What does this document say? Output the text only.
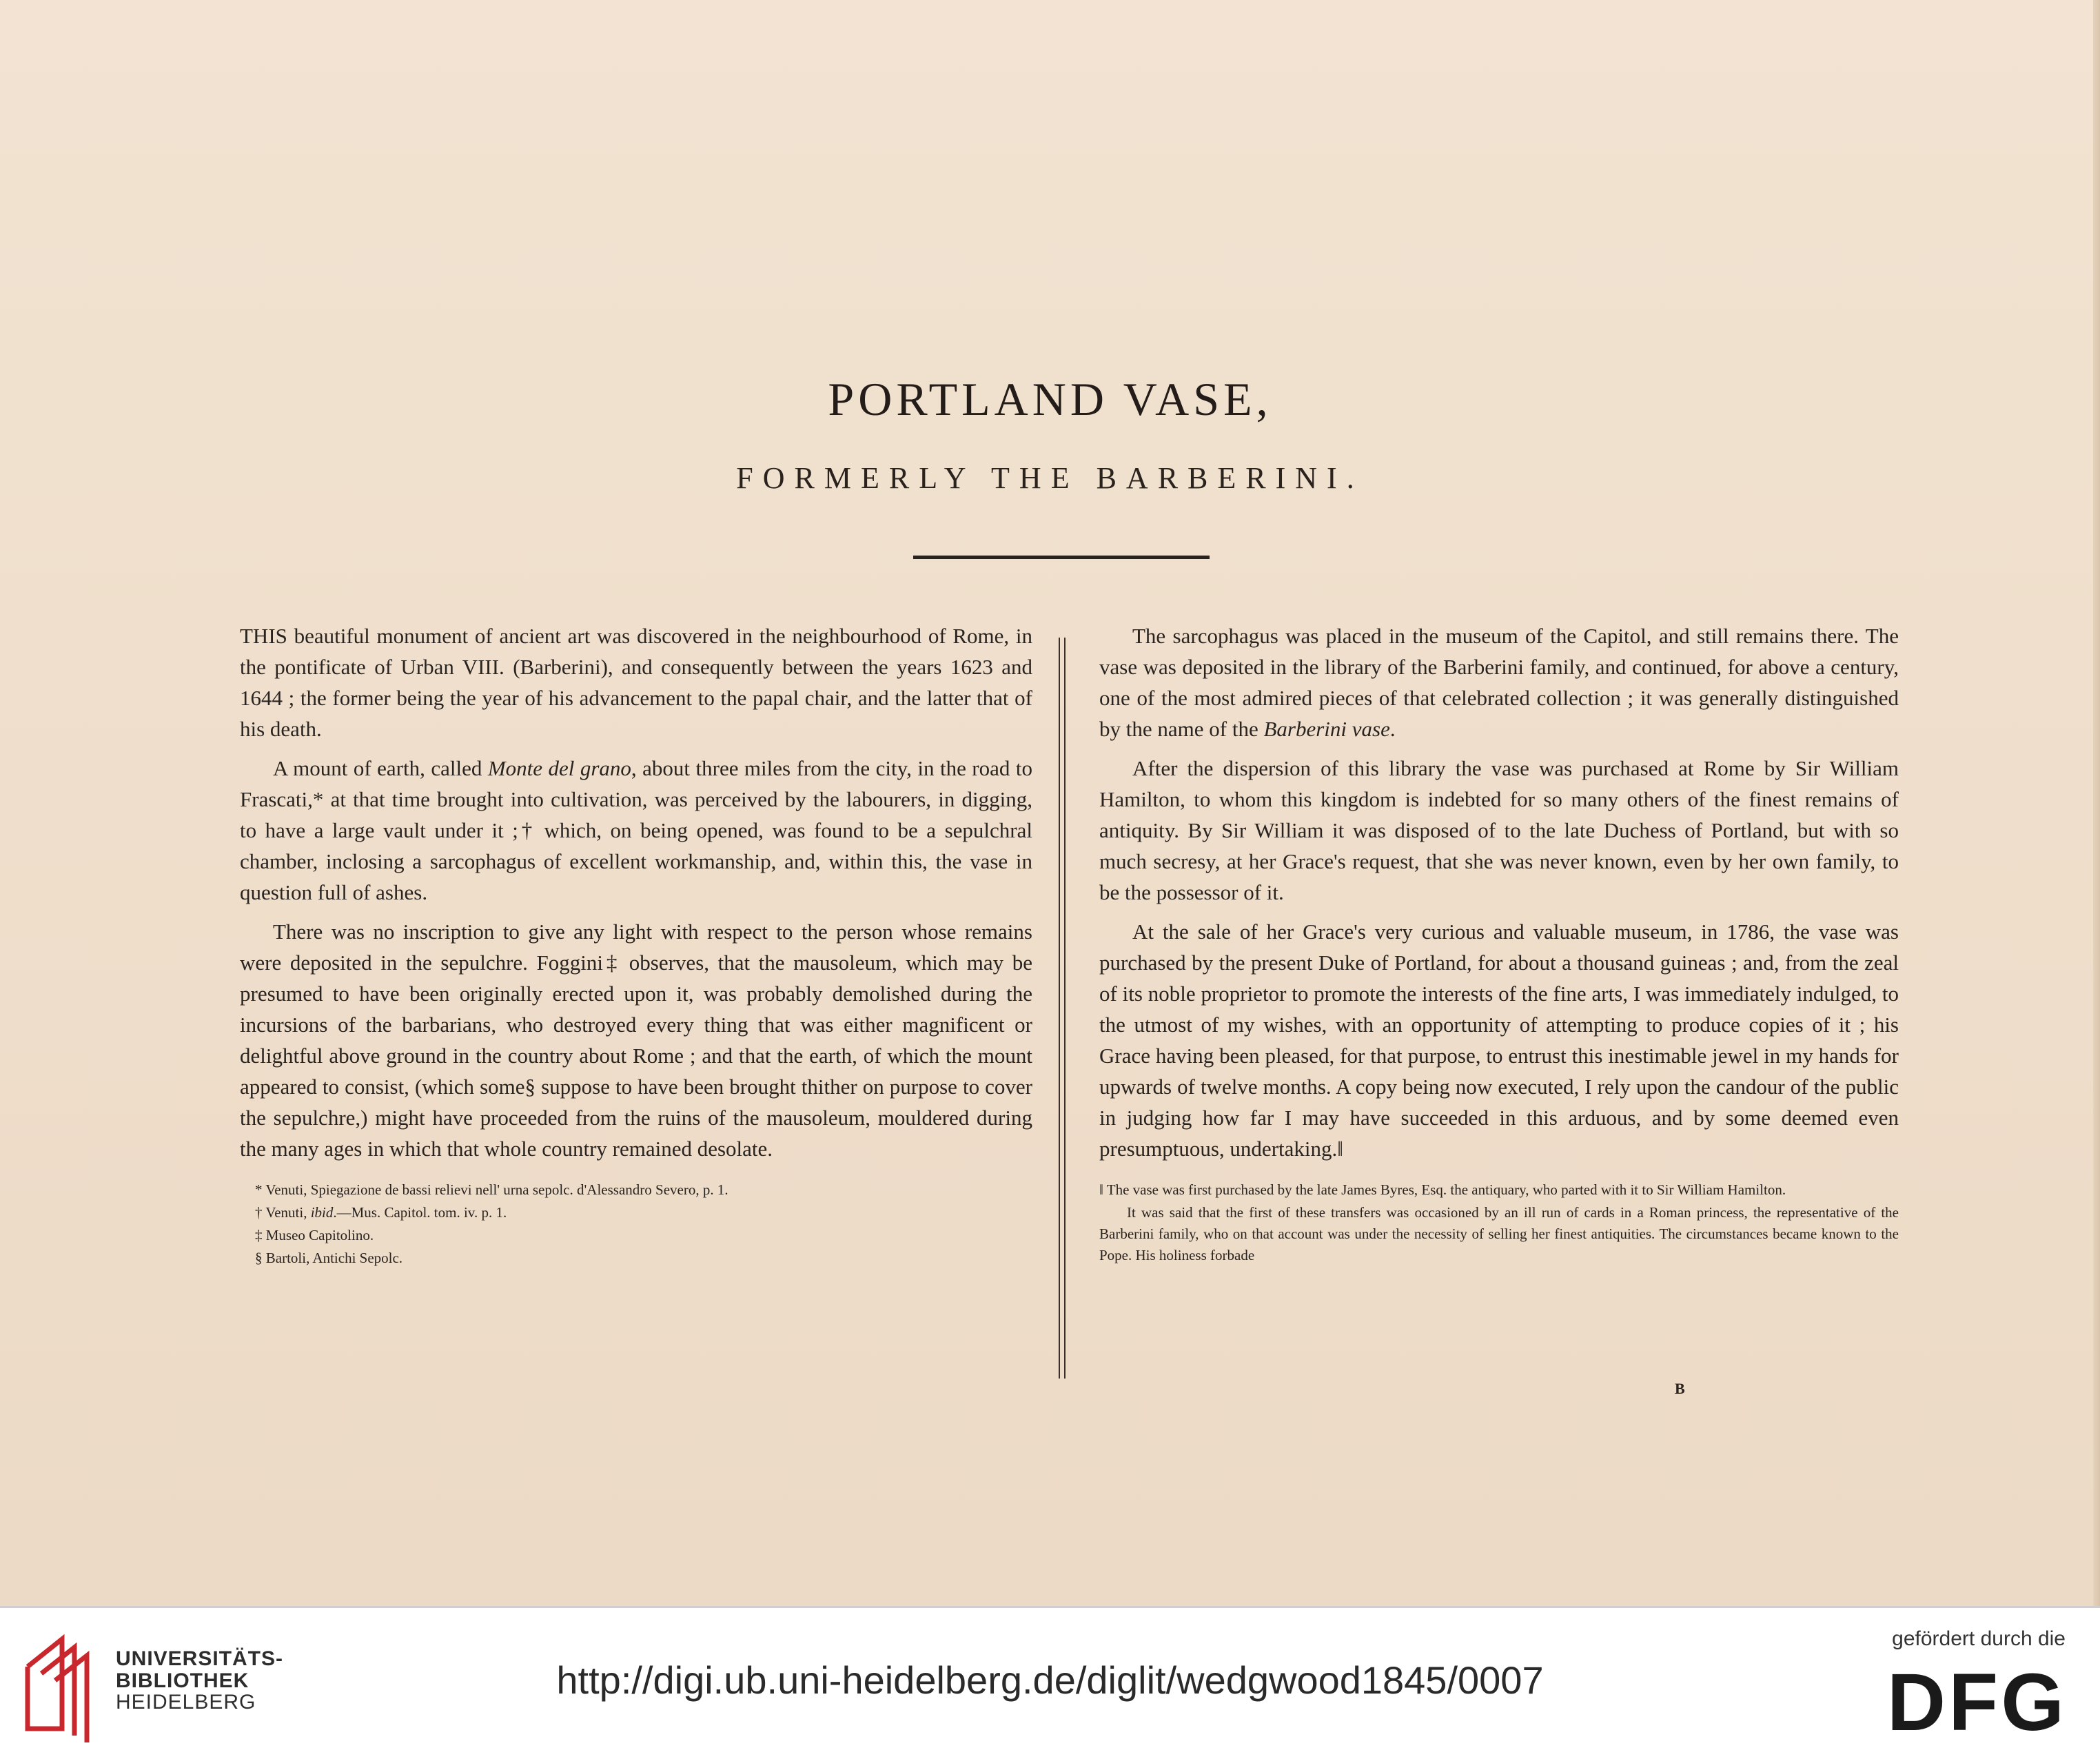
PORTLAND VASE,
FORMERLY THE BARBERINI.

THIS beautiful monument of ancient art was discovered in the neighbourhood of Rome, in the pontificate of Urban VIII. (Barberini), and consequently between the years 1623 and 1644 ; the former being the year of his advancement to the papal chair, and the latter that of his death.

A mount of earth, called Monte del grano, about three miles from the city, in the road to Frascati,* at that time brought into cultivation, was perceived by the labourers, in digging, to have a large vault under it ;† which, on being opened, was found to be a sepulchral chamber, inclosing a sarcophagus of excellent workmanship, and, within this, the vase in question full of ashes.

There was no inscription to give any light with respect to the person whose remains were deposited in the sepulchre. Foggini‡ observes, that the mausoleum, which may be presumed to have been originally erected upon it, was probably demolished during the incursions of the barbarians, who destroyed every thing that was either magnificent or delightful above ground in the country about Rome ; and that the earth, of which the mount appeared to consist, (which some§ suppose to have been brought thither on purpose to cover the sepulchre,) might have proceeded from the ruins of the mausoleum, mouldered during the many ages in which that whole country remained desolate.

* Venuti, Spiegazione de bassi relievi nell' urna sepolc. d'Alessandro Severo, p. 1.

† Venuti, ibid.—Mus. Capitol. tom. iv. p. 1.

‡ Museo Capitolino.

§ Bartoli, Antichi Sepolc.

The sarcophagus was placed in the museum of the Capitol, and still remains there. The vase was deposited in the library of the Barberini family, and continued, for above a century, one of the most admired pieces of that celebrated collection ; it was generally distinguished by the name of the Barberini vase.

After the dispersion of this library the vase was purchased at Rome by Sir William Hamilton, to whom this kingdom is indebted for so many others of the finest remains of antiquity. By Sir William it was disposed of to the late Duchess of Portland, but with so much secresy, at her Grace's request, that she was never known, even by her own family, to be the possessor of it.

At the sale of her Grace's very curious and valuable museum, in 1786, the vase was purchased by the present Duke of Portland, for about a thousand guineas ; and, from the zeal of its noble proprietor to promote the interests of the fine arts, I was immediately indulged, to the utmost of my wishes, with an opportunity of attempting to produce copies of it ; his Grace having been pleased, for that purpose, to entrust this inestimable jewel in my hands for upwards of twelve months. A copy being now executed, I rely upon the candour of the public in judging how far I may have succeeded in this arduous, and by some deemed even presumptuous, undertaking.‖

‖ The vase was first purchased by the late James Byres, Esq. the antiquary, who parted with it to Sir William Hamilton.

It was said that the first of these transfers was occasioned by an ill run of cards in a Roman princess, the representative of the Barberini family, who on that account was under the necessity of selling her finest antiquities. The circumstances became known to the Pope. His holiness forbade

B
UNIVERSITÄTS-
BIBLIOTHEK
HEIDELBERG
http://digi.ub.uni-heidelberg.de/diglit/wedgwood1845/0007
gefördert durch die
DFG
